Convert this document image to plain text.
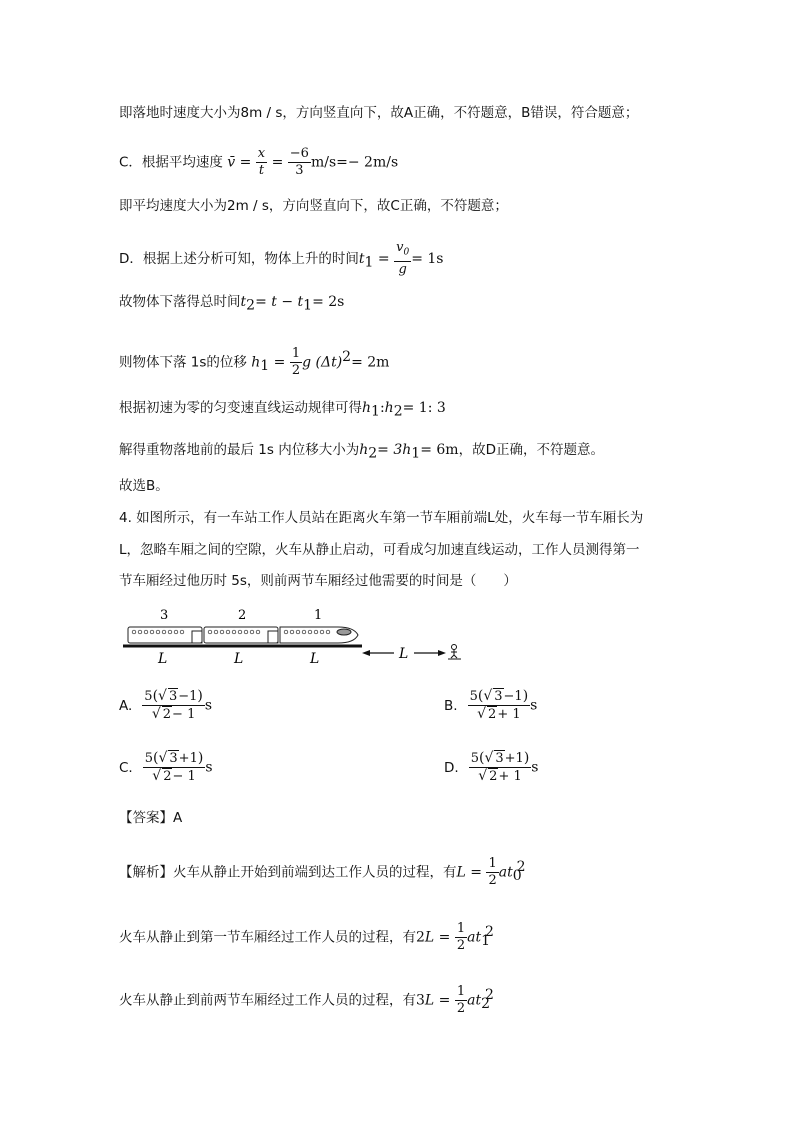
即落地时速度大小为8m / s，方向竖直向下，故A正确，不符题意，B错误，符合题意；
C．根据平均速度 v̄ = $\frac{x}{t} = \frac{-6}{3} m/s=- 2m/s$
即平均速度大小为2m / s，方向竖直向下，故C正确，不符题意；
D．根据上述分析可知，物体上升的时间$t_1 = \frac{v_0}{g} = 1s$
故物体下落得总时间$t_2= t - t_1= 2s$
则物体下落 1s的位移 $h_1 = \frac{1}{2}$ g $(\Delta t)^2= 2m$
根据初速为零的匀变速直线运动规律可得$h_1:h_2= 1$: 3
解得重物落地前的最后 1s 内位移大小为$h_2= 3h_1= 6m$，故D正确，不符题意。
故选B。
4. 如图所示，有一车站工作人员站在距离火车第一节车厢前端L处，火车每一节车厢长为
L，忽略车厢之间的空隙，火车从静止启动，可看成匀加速直线运动，工作人员测得第一
节车厢经过他历时 5s，则前两节车厢经过他需要的时间是（　　）
3	2	1
L	L	L	L
A. $\frac{5(√ 3-1)}{√ 2- 1}$ s	B. $\frac{5(√ 3-1)}{√ 2+ 1}$ s
C. $\frac{5(√ 3+1)}{√ 2- 1}$ s	D. $\frac{5(√ 3+1)}{√ 2+ 1}$ s
【答案】A
【解析】火车从静止开始到前端到达工作人员的过程，有$L = \frac{1}{2} at_0^2$
火车从静止到第一节车厢经过工作人员的过程，有$2L = \frac{1}{2} at_1^2$
火车从静止到前两节车厢经过工作人员的过程，有$3L = \frac{1}{2} at_2^2$
